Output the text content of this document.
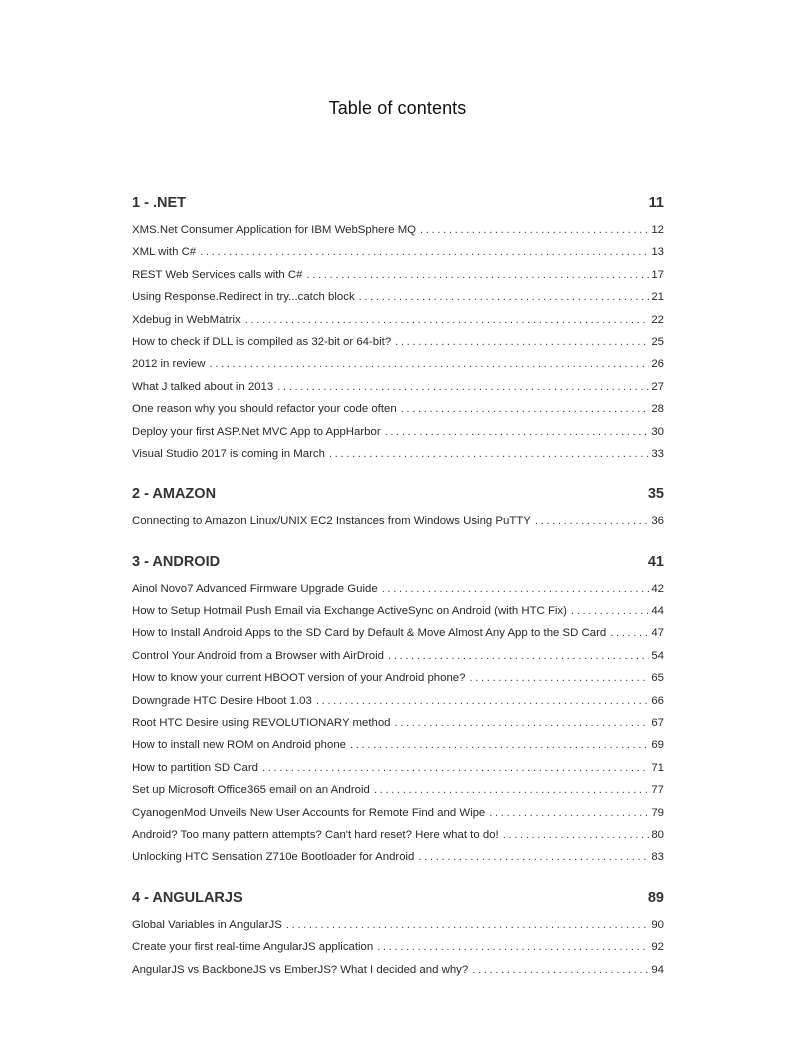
Table of contents
1 - .NET	11
XMS.Net Consumer Application for IBM WebSphere MQ .....	12
XML with C# .....	13
REST Web Services calls with C# .....	17
Using Response.Redirect in try...catch block .....	21
Xdebug in WebMatrix .....	22
How to check if DLL is compiled as 32-bit or 64-bit? .....	25
2012 in review .....	26
What J talked about in 2013 .....	27
One reason why you should refactor your code often .....	28
Deploy your first ASP.Net MVC App to AppHarbor .....	30
Visual Studio 2017 is coming in March .....	33
2 - AMAZON	35
Connecting to Amazon Linux/UNIX EC2 Instances from Windows Using PuTTY .....	36
3 - ANDROID	41
Ainol Novo7 Advanced Firmware Upgrade Guide .....	42
How to Setup Hotmail Push Email via Exchange ActiveSync on Android (with HTC Fix) .....	44
How to Install Android Apps to the SD Card by Default & Move Almost Any App to the SD Card .....	47
Control Your Android from a Browser with AirDroid .....	54
How to know your current HBOOT version of your Android phone? .....	65
Downgrade HTC Desire Hboot 1.03 .....	66
Root HTC Desire using REVOLUTIONARY method .....	67
How to install new ROM on Android phone .....	69
How to partition SD Card .....	71
Set up Microsoft Office365 email on an Android .....	77
CyanogenMod Unveils New User Accounts for Remote Find and Wipe .....	79
Android? Too many pattern attempts? Can't hard reset? Here what to do! .....	80
Unlocking HTC Sensation Z710e Bootloader for Android .....	83
4 - ANGULARJS	89
Global Variables in AngularJS .....	90
Create your first real-time AngularJS application .....	92
AngularJS vs BackboneJS vs EmberJS? What I decided and why? .....	94
